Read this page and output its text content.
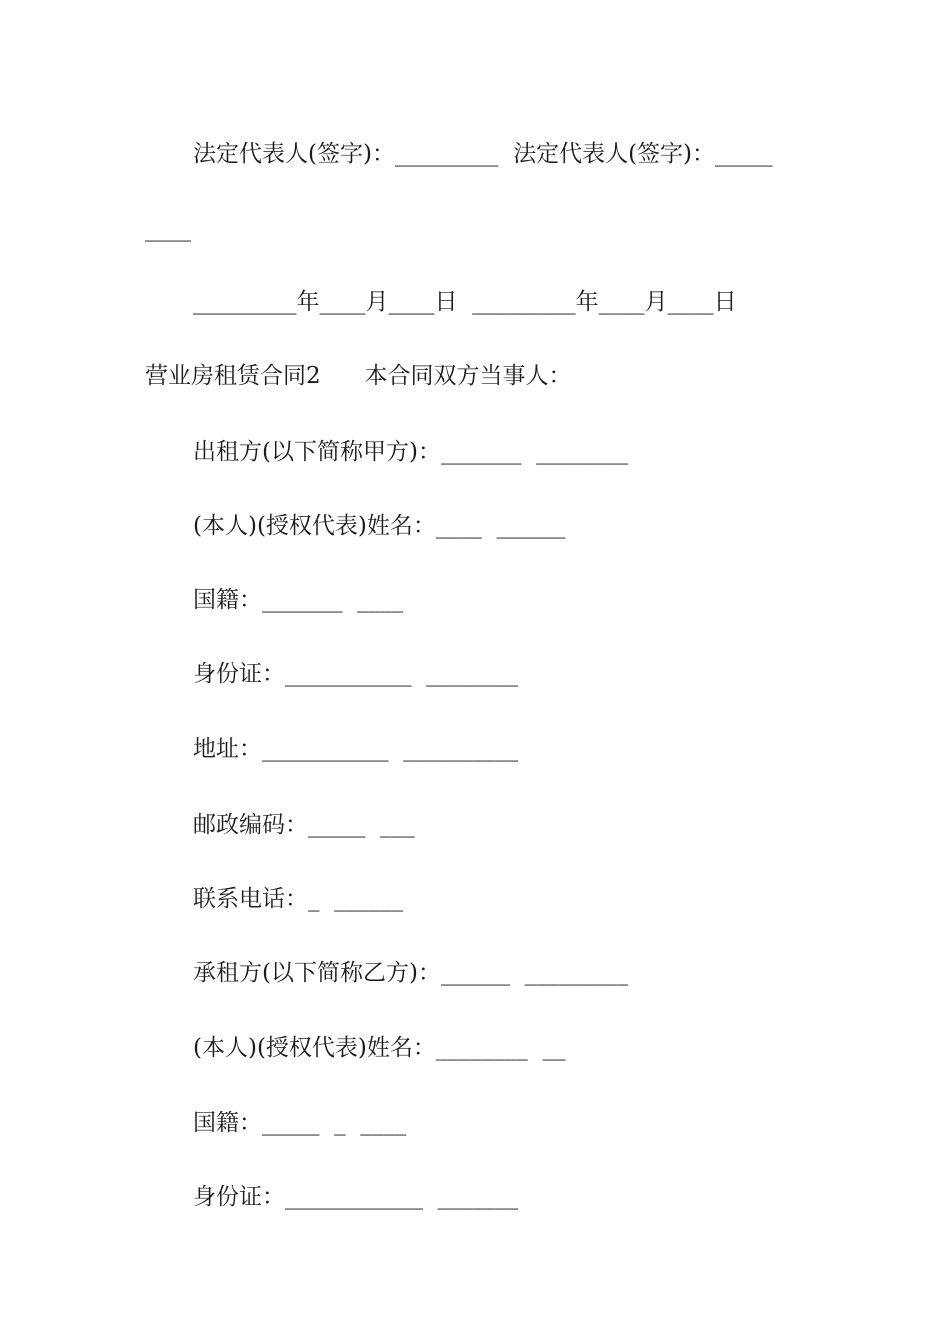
法定代表人(签字)：_________  法定代表人(签字)：_____
____
_________年____月____日  _________年____月____日
营业房租赁合同2      本合同双方当事人：
出租方(以下简称甲方)：_______  ________
(本人)(授权代表)姓名：____  ______
国籍：_______  ____
身份证：___________  ________
地址：___________  __________
邮政编码：_____  ___
联系电话：_  ______
承租方(以下简称乙方)：______  _________
(本人)(授权代表)姓名：________  __
国籍：_____  _  ____
身份证：____________  _______
